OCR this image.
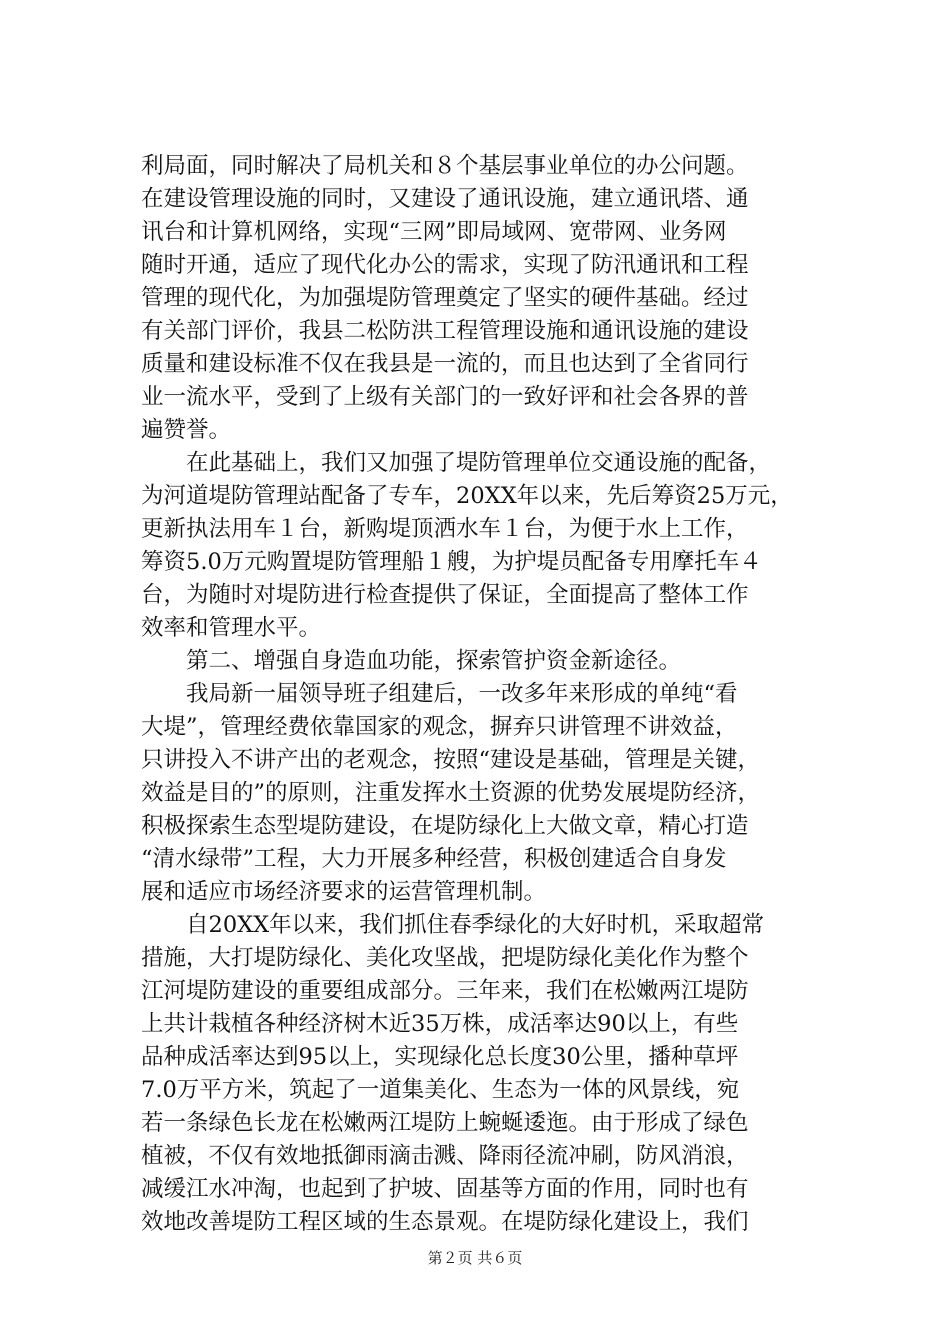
利局面，同时解决了局机关和８个基层事业单位的办公问题。
在建设管理设施的同时，又建设了通讯设施，建立通讯塔、通
讯台和计算机网络，实现“三网”即局域网、宽带网、业务网
随时开通，适应了现代化办公的需求，实现了防汛通讯和工程
管理的现代化，为加强堤防管理奠定了坚实的硬件基础。经过
有关部门评价，我县二松防洪工程管理设施和通讯设施的建设
质量和建设标准不仅在我县是一流的，而且也达到了全省同行
业一流水平，受到了上级有关部门的一致好评和社会各界的普
遍赞誉。
　　在此基础上，我们又加强了堤防管理单位交通设施的配备，
为河道堤防管理站配备了专车，20XX年以来，先后筹资25万元，
更新执法用车１台，新购堤顶洒水车１台，为便于水上工作，
筹资5.0万元购置堤防管理船１艘，为护堤员配备专用摩托车４
台，为随时对堤防进行检查提供了保证，全面提高了整体工作
效率和管理水平。
　　第二、增强自身造血功能，探索管护资金新途径。
　　我局新一届领导班子组建后，一改多年来形成的单纯“看
大堤”，管理经费依靠国家的观念，摒弃只讲管理不讲效益，
只讲投入不讲产出的老观念，按照“建设是基础，管理是关键，
效益是目的”的原则，注重发挥水土资源的优势发展堤防经济，
积极探索生态型堤防建设，在堤防绿化上大做文章，精心打造
“清水绿带”工程，大力开展多种经营，积极创建适合自身发
展和适应市场经济要求的运营管理机制。
　　自20XX年以来，我们抓住春季绿化的大好时机，采取超常
措施，大打堤防绿化、美化攻坚战，把堤防绿化美化作为整个
江河堤防建设的重要组成部分。三年来，我们在松嫩两江堤防
上共计栽植各种经济树木近35万株，成活率达90以上，有些
品种成活率达到95以上，实现绿化总长度30公里，播种草坪
7.0万平方米，筑起了一道集美化、生态为一体的风景线，宛
若一条绿色长龙在松嫩两江堤防上蜿蜒逶迤。由于形成了绿色
植被，不仅有效地抵御雨滴击溅、降雨径流冲刷，防风消浪，
减缓江水冲淘，也起到了护坡、固基等方面的作用，同时也有
效地改善堤防工程区域的生态景观。在堤防绿化建设上，我们
第２页 共６页
